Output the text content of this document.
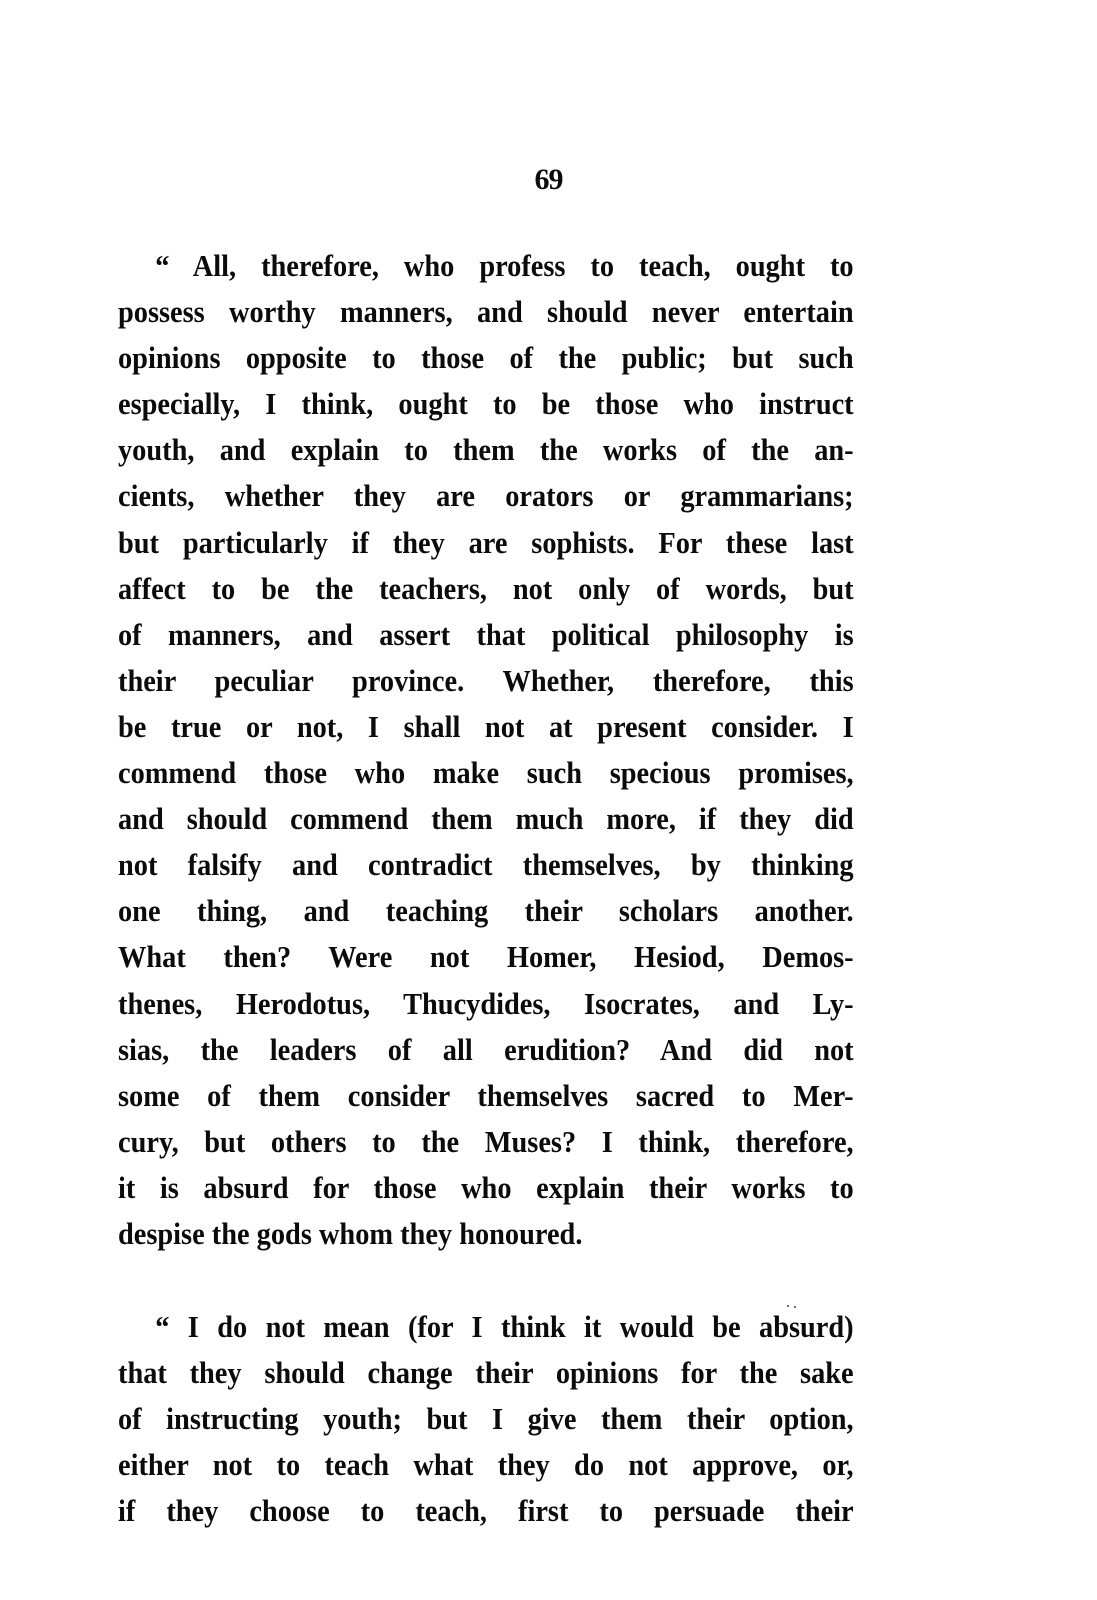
69
“ All, therefore, who profess to teach, ought to
possess worthy manners, and should never entertain
opinions opposite to those of the public; but such
especially, I think, ought to be those who instruct
youth, and explain to them the works of the an-
cients, whether they are orators or grammarians;
but particularly if they are sophists. For these last
affect to be the teachers, not only of words, but
of manners, and assert that political philosophy is
their peculiar province. Whether, therefore, this
be true or not, I shall not at present consider. I
commend those who make such specious promises,
and should commend them much more, if they did
not falsify and contradict themselves, by thinking
one thing, and teaching their scholars another.
What then? Were not Homer, Hesiod, Demos-
thenes, Herodotus, Thucydides, Isocrates, and Ly-
sias, the leaders of all erudition? And did not
some of them consider themselves sacred to Mer-
cury, but others to the Muses? I think, therefore,
it is absurd for those who explain their works to
despise the gods whom they honoured.
“ I do not mean (for I think it would be absurd)
that they should change their opinions for the sake
of instructing youth; but I give them their option,
either not to teach what they do not approve, or,
if they choose to teach, first to persuade their
